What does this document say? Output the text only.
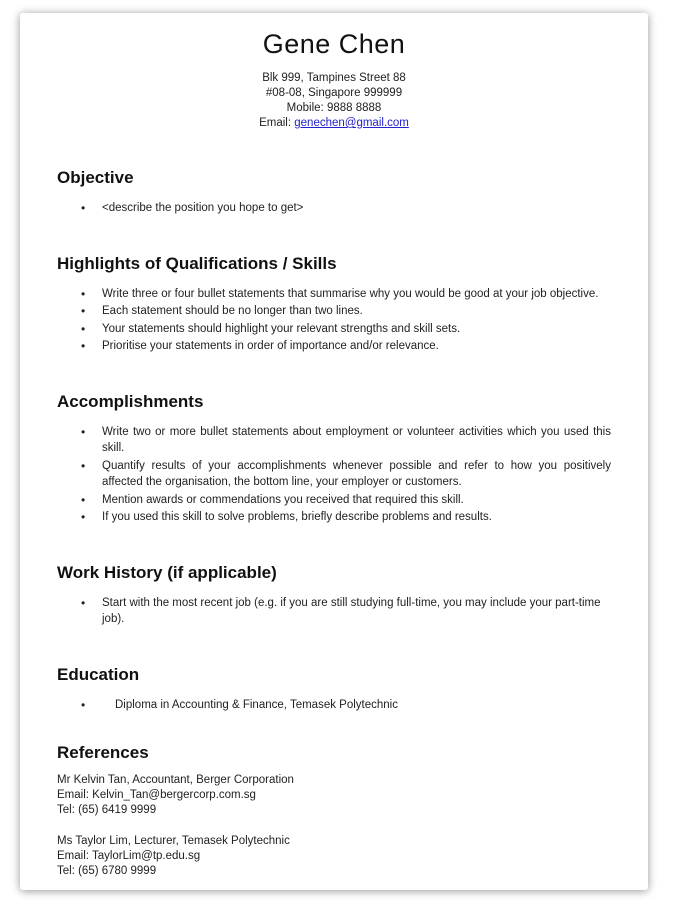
Gene Chen

Blk 999, Tampines Street 88

#08-08, Singapore 999999

Mobile: 9888 8888

Email: genechen@gmail.com

Objective
• <describe the position you hope to get>
Highlights of Qualifications / Skills
• Write three or four bullet statements that summarise why you would be good at your job objective.
• Each statement should be no longer than two lines.
• Your statements should highlight your relevant strengths and skill sets.
• Prioritise your statements in order of importance and/or relevance.
Accomplishments
• Write two or more bullet statements about employment or volunteer activities which you used this skill.
• Quantify results of your accomplishments whenever possible and refer to how you positively affected the organisation, the bottom line, your employer or customers.
• Mention awards or commendations you received that required this skill.
• If you used this skill to solve problems, briefly describe problems and results.
Work History (if applicable)
• Start with the most recent job (e.g. if you are still studying full-time, you may include your part-time job).
Education
• Diploma in Accounting & Finance, Temasek Polytechnic
References

Mr Kelvin Tan, Accountant, Berger Corporation

Email: Kelvin_Tan@bergercorp.com.sg

Tel: (65) 6419 9999

Ms Taylor Lim, Lecturer, Temasek Polytechnic

Email: TaylorLim@tp.edu.sg

Tel: (65) 6780 9999
